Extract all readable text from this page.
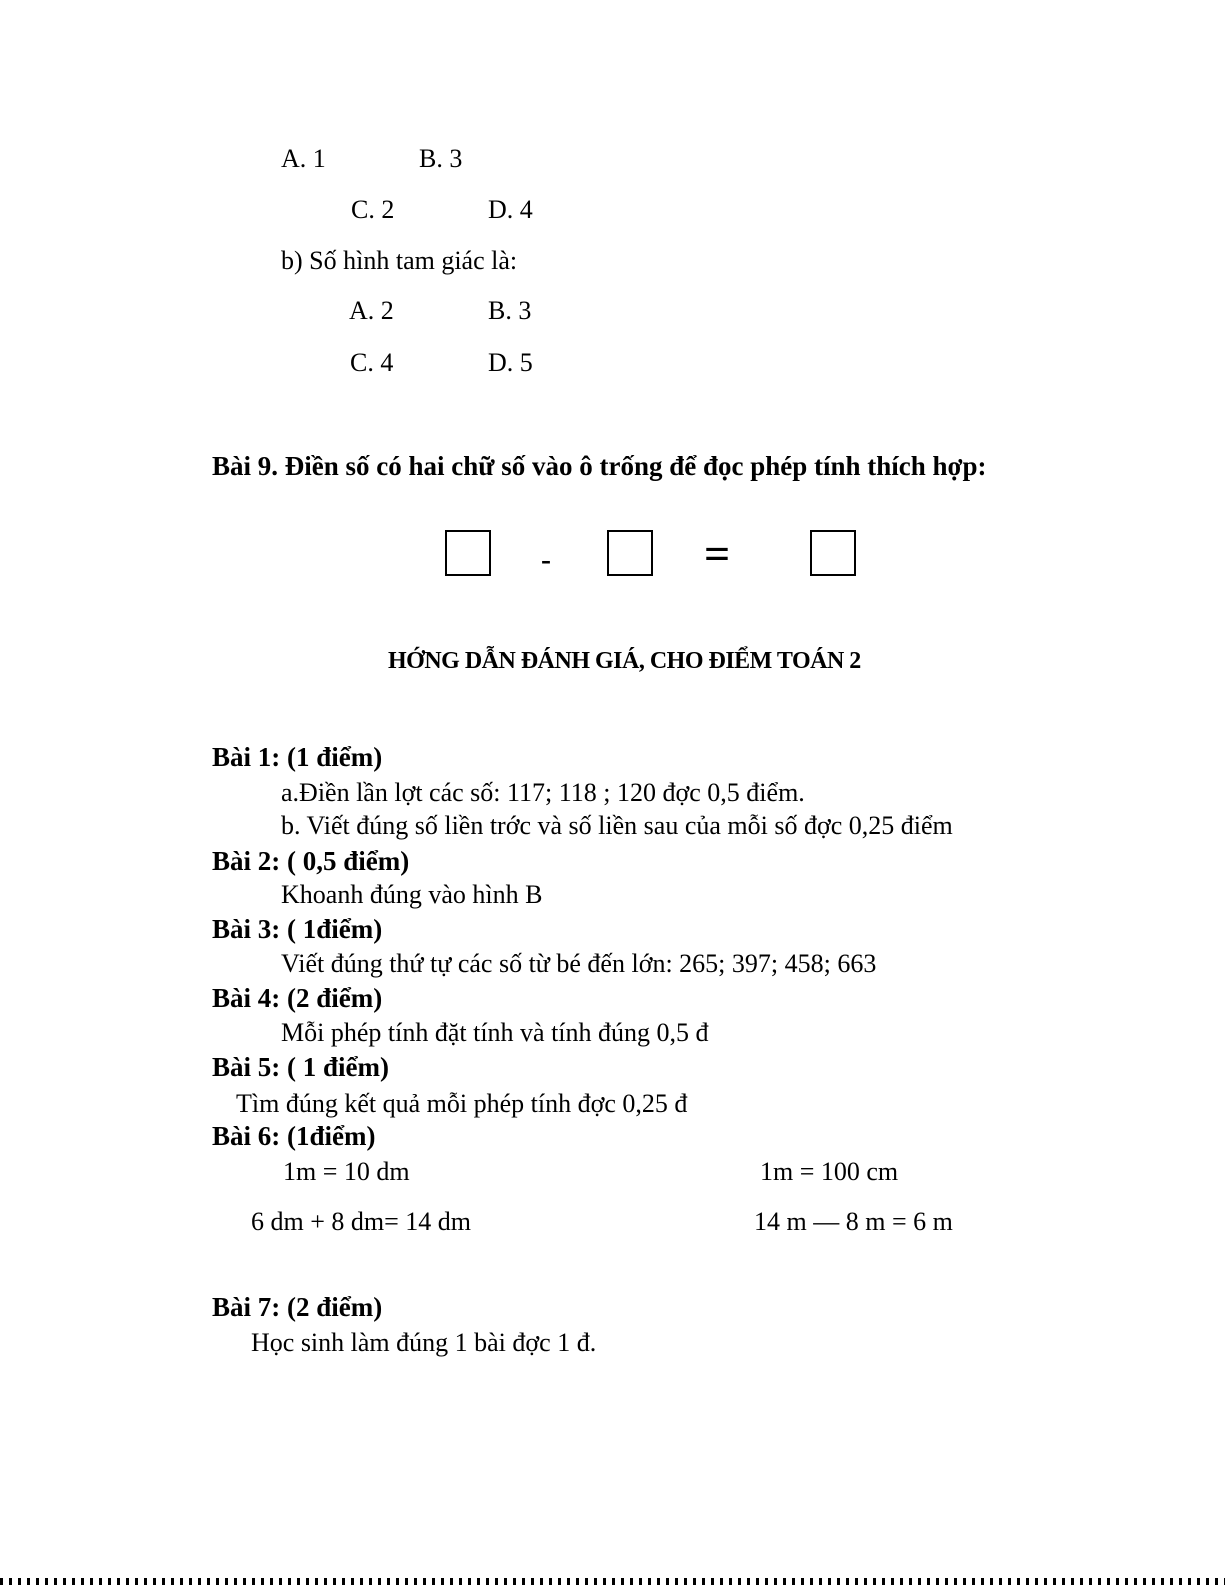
A. 1	B. 3
C. 2	D. 4
b) Số hình tam giác là:
A. 2	B. 3
C. 4	D. 5
Bài 9. Điền số có hai chữ số vào ô trống để đọc phép tính thích hợp:
-	=
HỚNG DẪN ĐÁNH GIÁ, CHO ĐIỂM TOÁN 2
Bài 1: (1 điểm)
a.Điền lần lợt các số: 117; 118 ; 120 đợc 0,5 điểm.
b. Viết đúng số liền trớc và số liền sau của mỗi số đợc 0,25 điểm
Bài 2: ( 0,5 điểm)
Khoanh đúng vào hình B
Bài 3: ( 1điểm)
Viết đúng thứ tự các số từ bé đến lớn: 265; 397; 458; 663
Bài 4: (2 điểm)
Mỗi phép tính đặt tính và tính đúng 0,5 đ
Bài 5: ( 1 điểm)
Tìm đúng kết quả mỗi phép tính đợc 0,25 đ
Bài 6: (1điểm)
1m = 10 dm	1m = 100 cm
6 dm + 8 dm= 14 dm	14 m — 8 m = 6 m
Bài 7: (2 điểm)
Học sinh làm đúng 1 bài đợc 1 đ.
